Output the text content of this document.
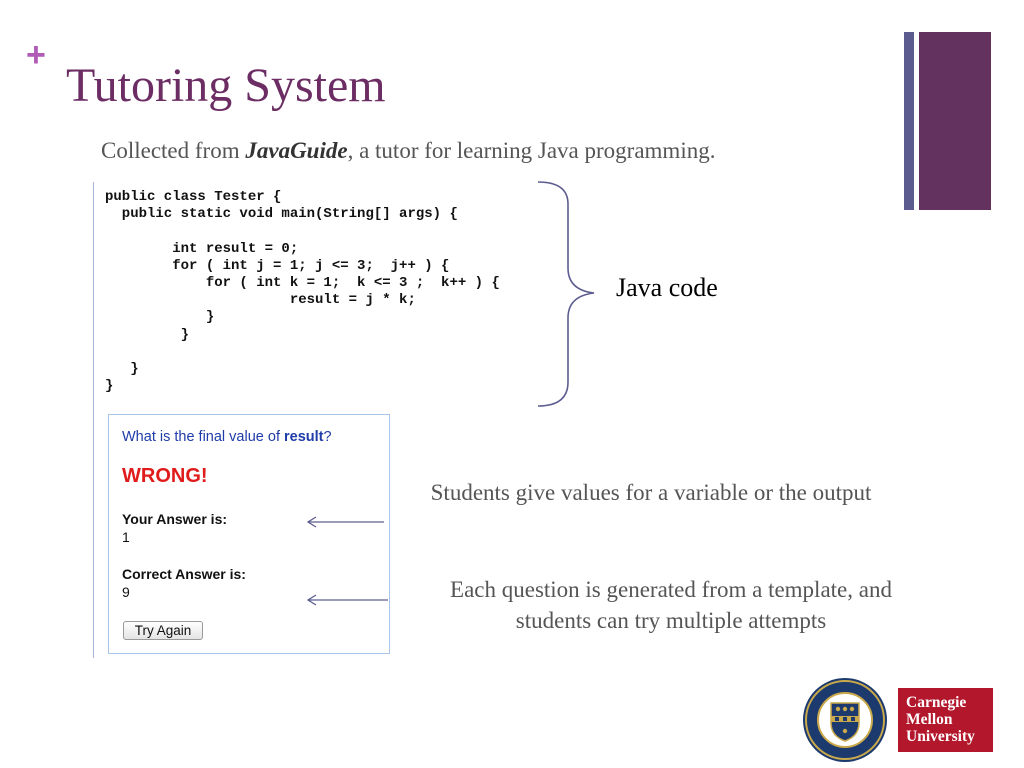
+
Tutoring System
Collected from JavaGuide, a tutor for learning Java programming.
public class Tester {
public static void main(String[] args) {

int result = 0;
for ( int j = 1; j <= 3;  j++ ) {
for ( int k = 1;  k <= 3 ;  k++ ) {
result = j * k;
}
}

}
}
Java code
What is the final value of result?
WRONG!
Your Answer is:
1
Correct Answer is:
9
Try Again
Students give values for a variable or the output
Each question is generated from a template, and students can try multiple attempts
Carnegie
Mellon
University
